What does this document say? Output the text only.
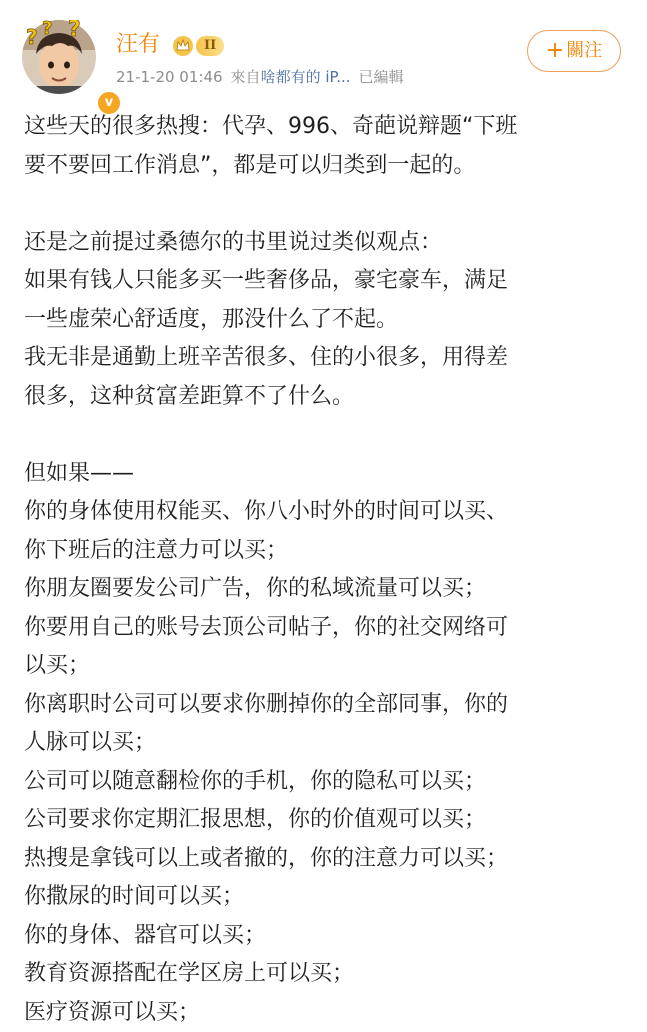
? ? ?
v
汪有	II
21-1-20 01:46 來自啥都有的 iP... 已編輯
+ 關注

这些天的很多热搜：代孕、996、奇葩说辩题“下班

要不要回工作消息”，都是可以归类到一起的。

还是之前提过桑德尔的书里说过类似观点：

如果有钱人只能多买一些奢侈品，豪宅豪车，满足

一些虚荣心舒适度，那没什么了不起。

我无非是通勤上班辛苦很多、住的小很多，用得差

很多，这种贫富差距算不了什么。

但如果——

你的身体使用权能买、你八小时外的时间可以买、

你下班后的注意力可以买；

你朋友圈要发公司广告，你的私域流量可以买；

你要用自己的账号去顶公司帖子，你的社交网络可

以买；

你离职时公司可以要求你删掉你的全部同事，你的

人脉可以买；

公司可以随意翻检你的手机，你的隐私可以买；

公司要求你定期汇报思想，你的价值观可以买；

热搜是拿钱可以上或者撤的，你的注意力可以买；

你撒尿的时间可以买；

你的身体、器官可以买；

教育资源搭配在学区房上可以买；

医疗资源可以买；
